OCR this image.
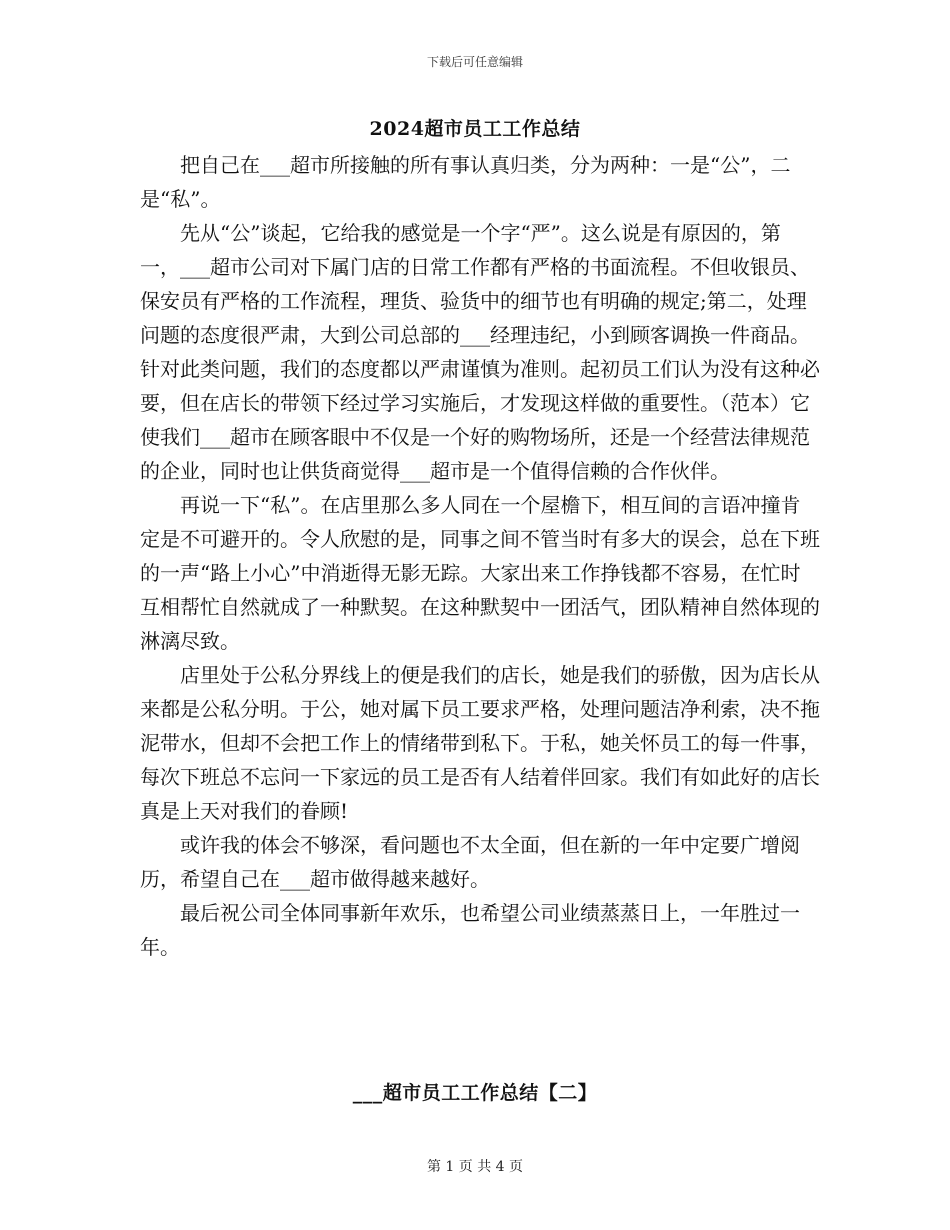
下载后可任意编辑
2024超市员工工作总结

把自己在___超市所接触的所有事认真归类，分为两种：一是“公”，二是“私”。

先从“公”谈起，它给我的感觉是一个字“严”。这么说是有原因的，第一，___超市公司对下属门店的日常工作都有严格的书面流程。不但收银员、保安员有严格的工作流程，理货、验货中的细节也有明确的规定;第二，处理问题的态度很严肃，大到公司总部的___经理违纪，小到顾客调换一件商品。针对此类问题，我们的态度都以严肃谨慎为准则。起初员工们认为没有这种必要，但在店长的带领下经过学习实施后，才发现这样做的重要性。（范本）它使我们___超市在顾客眼中不仅是一个好的购物场所，还是一个经营法律规范的企业，同时也让供货商觉得___超市是一个值得信赖的合作伙伴。

再说一下“私”。在店里那么多人同在一个屋檐下，相互间的言语冲撞肯定是不可避开的。令人欣慰的是，同事之间不管当时有多大的误会，总在下班的一声“路上小心”中消逝得无影无踪。大家出来工作挣钱都不容易，在忙时互相帮忙自然就成了一种默契。在这种默契中一团活气，团队精神自然体现的淋漓尽致。

店里处于公私分界线上的便是我们的店长，她是我们的骄傲，因为店长从来都是公私分明。于公，她对属下员工要求严格，处理问题洁净利索，决不拖泥带水，但却不会把工作上的情绪带到私下。于私，她关怀员工的每一件事，每次下班总不忘问一下家远的员工是否有人结着伴回家。我们有如此好的店长真是上天对我们的眷顾!

或许我的体会不够深，看问题也不太全面，但在新的一年中定要广增阅历，希望自己在___超市做得越来越好。

最后祝公司全体同事新年欢乐，也希望公司业绩蒸蒸日上，一年胜过一年。

___超市员工工作总结【二】
第 1 页 共 4 页
